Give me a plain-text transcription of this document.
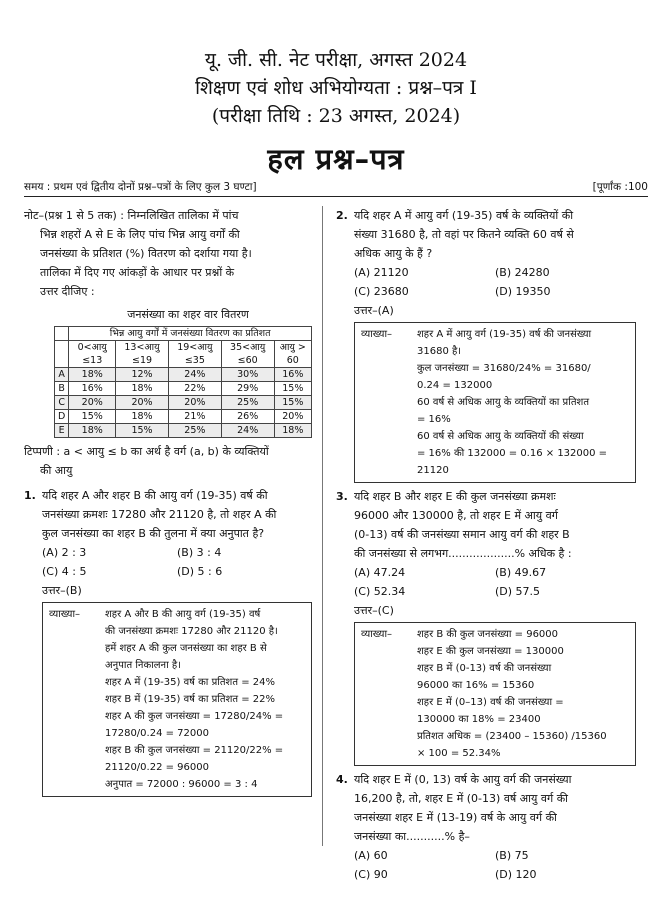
यू. जी. सी. नेट परीक्षा, अगस्त 2024
शिक्षण एवं शोध अभियोग्यता : प्रश्न–पत्र I
(परीक्षा तिथि : 23 अगस्त, 2024)
हल प्रश्न–पत्र
समय : प्रथम एवं द्वितीय दोनों प्रश्न–पत्रों के लिए कुल 3 घण्टा]	[पूर्णांक :100

नोट–(प्रश्न 1 से 5 तक) : निम्नलिखित तालिका में पांच

भिन्न शहरों A से E के लिए पांच भिन्न आयु वर्गों की

जनसंख्या के प्रतिशत (%) वितरण को दर्शाया गया है।

तालिका में दिए गए आंकड़ों के आधार पर प्रश्नों के

उत्तर दीजिए :

जनसंख्या का शहर वार वितरण

	भिन्न आयु वर्गों में जनसंख्या वितरण का प्रतिशत				
	0<आयु ≤13	13<आयु ≤19	19<आयु ≤35	35<आयु ≤60	आयु > 60
A	18%	12%	24%	30%	16%
B	16%	18%	22%	29%	15%
C	20%	20%	20%	25%	15%
D	15%	18%	21%	26%	20%
E	18%	15%	25%	24%	18%

टिप्पणी : a < आयु ≤ b का अर्थ है वर्ग (a, b) के व्यक्तियों

की आयु

1. यदि शहर A और शहर B की आयु वर्ग (19-35) वर्ष की

जनसंख्या क्रमशः 17280 और 21120 है, तो शहर A की

कुल जनसंख्या का शहर B की तुलना में क्या अनुपात है?

(A) 2 : 3	(B) 3 : 4
(C) 4 : 5	(D) 5 : 6

उत्तर–(B)

व्याख्या–	शहर A और B की आयु वर्ग (19-35) वर्ष
की जनसंख्या क्रमशः 17280 और 21120 है।
हमें शहर A की कुल जनसंख्या का शहर B से
अनुपात निकालना है।
शहर A में (19-35) वर्ष का प्रतिशत = 24%
शहर B में (19-35) वर्ष का प्रतिशत = 22%
शहर A की कुल जनसंख्या = 17280/24% =
17280/0.24 = 72000
शहर B की कुल जनसंख्या = 21120/22% =
21120/0.22 = 96000
अनुपात = 72000 : 96000 = 3 : 4
2. यदि शहर A में आयु वर्ग (19-35) वर्ष के व्यक्तियों की

संख्या 31680 है, तो वहां पर कितने व्यक्ति 60 वर्ष से

अधिक आयु के हैं ?

(A) 21120	(B) 24280
(C) 23680	(D) 19350

उत्तर–(A)

व्याख्या–	शहर A में आयु वर्ग (19-35) वर्ष की जनसंख्या
31680 है।
कुल जनसंख्या = 31680/24% = 31680/
0.24 = 132000
60 वर्ष से अधिक आयु के व्यक्तियों का प्रतिशत
= 16%
60 वर्ष से अधिक आयु के व्यक्तियों की संख्या
= 16% की 132000 = 0.16 × 132000 =
21120
3. यदि शहर B और शहर E की कुल जनसंख्या क्रमशः

96000 और 130000 है, तो शहर E में आयु वर्ग

(0-13) वर्ष की जनसंख्या समान आयु वर्ग की शहर B

की जनसंख्या से लगभग...................% अधिक है :

(A) 47.24	(B) 49.67
(C) 52.34	(D) 57.5

उत्तर–(C)

व्याख्या–	शहर B की कुल जनसंख्या = 96000
शहर E की कुल जनसंख्या = 130000
शहर B में (0-13) वर्ष की जनसंख्या
96000 का 16% = 15360
शहर E में (0–13) वर्ष की जनसंख्या =
130000 का 18% = 23400
प्रतिशत अधिक = (23400 – 15360) /15360
× 100 = 52.34%
4. यदि शहर E में (0, 13) वर्ष के आयु वर्ग की जनसंख्या

16,200 है, तो, शहर E में (0-13) वर्ष आयु वर्ग की

जनसंख्या शहर E में (13-19) वर्ष के आयु वर्ग की

जनसंख्या का...........% है–

(A) 60	(B) 75
(C) 90	(D) 120
